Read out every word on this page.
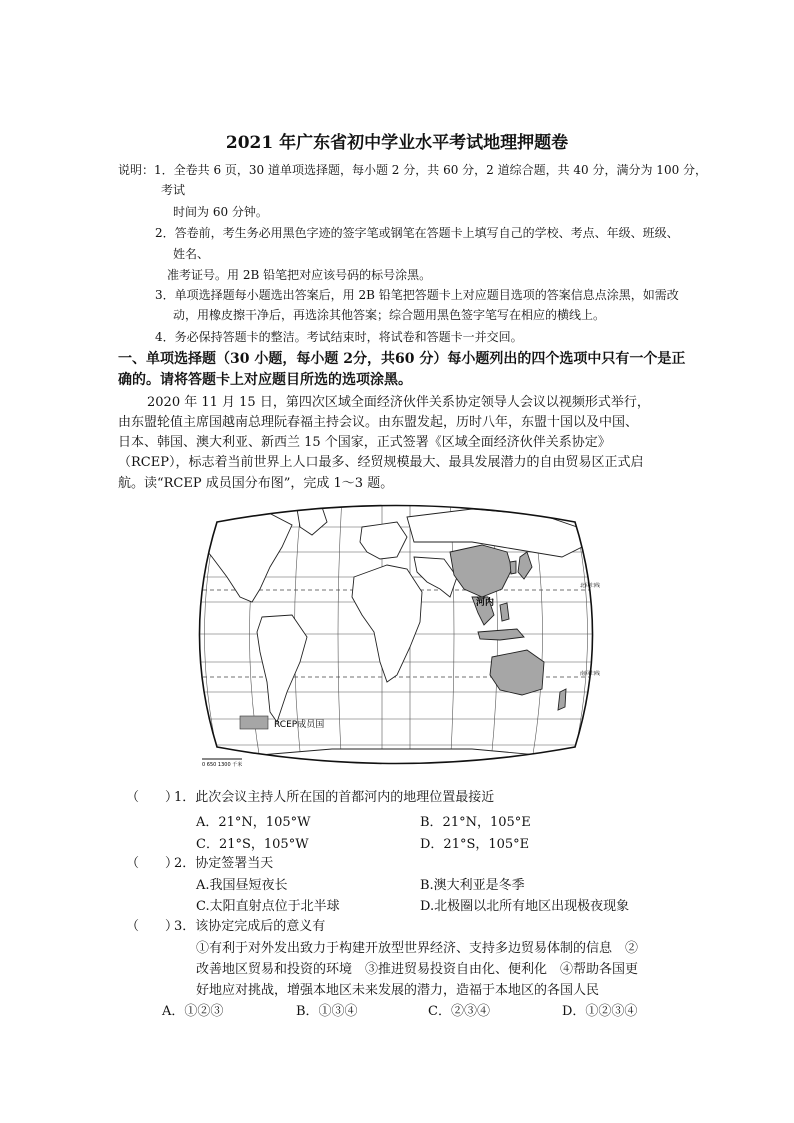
2021 年广东省初中学业水平考试地理押题卷
说明：1．全卷共 6 页，30 道单项选择题，每小题 2 分，共 60 分，2 道综合题，共 40 分，满分为 100 分，
考试
时间为 60 分钟。
2．答卷前，考生务必用黑色字迹的签字笔或钢笔在答题卡上填写自己的学校、考点、年级、班级、
姓名、
准考证号。用 2B 铅笔把对应该号码的标号涂黑。
3．单项选择题每小题选出答案后，用 2B 铅笔把答题卡上对应题目选项的答案信息点涂黑，如需改
动，用橡皮擦干净后，再选涂其他答案；综合题用黑色签字笔写在相应的横线上。
4．务必保持答题卡的整洁。考试结束时，将试卷和答题卡一并交回。
一、单项选择题（30 小题，每小题 2分，共60 分）每小题列出的四个选项中只有一个是正
确的。请将答题卡上对应题目所选的选项涂黑。
2020 年 11 月 15 日，第四次区域全面经济伙伴关系协定领导人会议以视频形式举行，
由东盟轮值主席国越南总理阮春福主持会议。由东盟发起，历时八年，东盟十国以及中国、
日本、韩国、澳大利亚、新西兰 15 个国家，正式签署《区域全面经济伙伴关系协定》
（RCEP），标志着当前世界上人口最多、经贸规模最大、最具发展潜力的自由贸易区正式启
航。读“RCEP 成员国分布图”，完成 1～3 题。
河内
北回归线
南回归线
RCEP成员国
0 650 1300 千米
（　　）
1．此次会议主持人所在国的首都河内的地理位置最接近
A．21°N，105°W	B．21°N，105°E
C．21°S，105°W	D．21°S，105°E
（　　）
2．协定签署当天
A.我国昼短夜长	B.澳大利亚是冬季
C.太阳直射点位于北半球	D.北极圈以北所有地区出现极夜现象
（　　）
3．该协定完成后的意义有
①有利于对外发出致力于构建开放型世界经济、支持多边贸易体制的信息　②
改善地区贸易和投资的环境　③推进贸易投资自由化、便利化　④帮助各国更
好地应对挑战，增强本地区未来发展的潜力，造福于本地区的各国人民
A．①②③	B．①③④	C．②③④	D．①②③④
